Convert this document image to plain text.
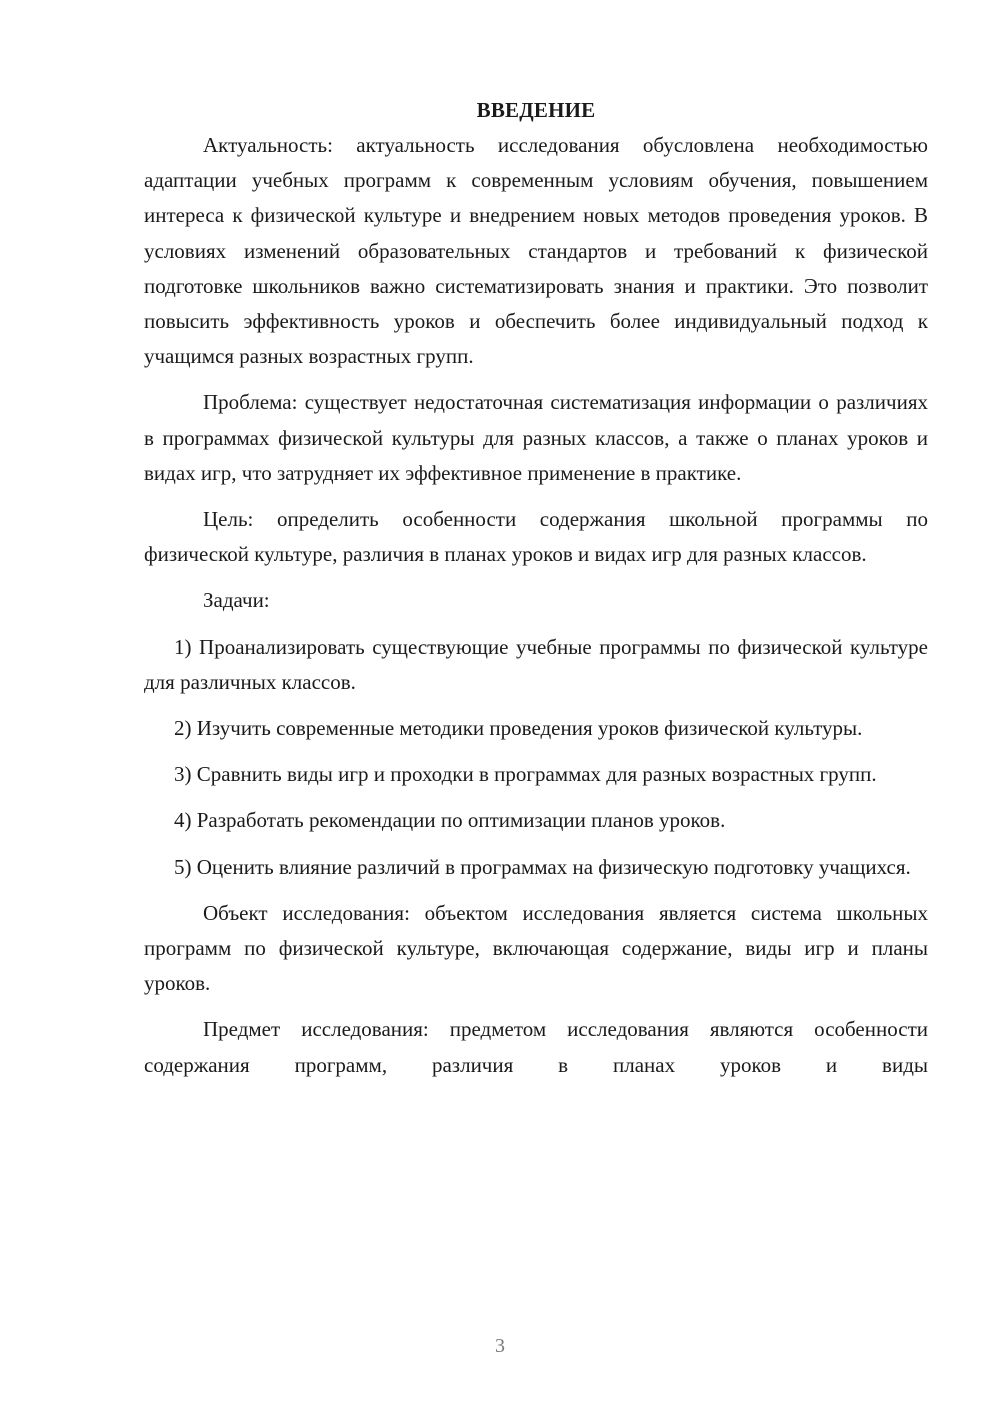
ВВЕДЕНИЕ

Актуальность: актуальность исследования обусловлена необходимостью адаптации учебных программ к современным условиям обучения, повышением интереса к физической культуре и внедрением новых методов проведения уроков. В условиях изменений образовательных стандартов и требований к физической подготовке школьников важно систематизировать знания и практики. Это позволит повысить эффективность уроков и обеспечить более индивидуальный подход к учащимся разных возрастных групп.

Проблема: существует недостаточная систематизация информации о различиях в программах физической культуры для разных классов, а также о планах уроков и видах игр, что затрудняет их эффективное применение в практике.

Цель: определить особенности содержания школьной программы по физической культуре, различия в планах уроков и видах игр для разных классов.

Задачи:

1) Проанализировать существующие учебные программы по физической культуре для различных классов.

2) Изучить современные методики проведения уроков физической культуры.

3) Сравнить виды игр и проходки в программах для разных возрастных групп.

4) Разработать рекомендации по оптимизации планов уроков.

5) Оценить влияние различий в программах на физическую подготовку учащихся.

Объект исследования: объектом исследования является система школьных программ по физической культуре, включающая содержание, виды игр и планы уроков.

Предмет исследования: предметом исследования являются особенности содержания программ, различия в планах уроков и виды

3
